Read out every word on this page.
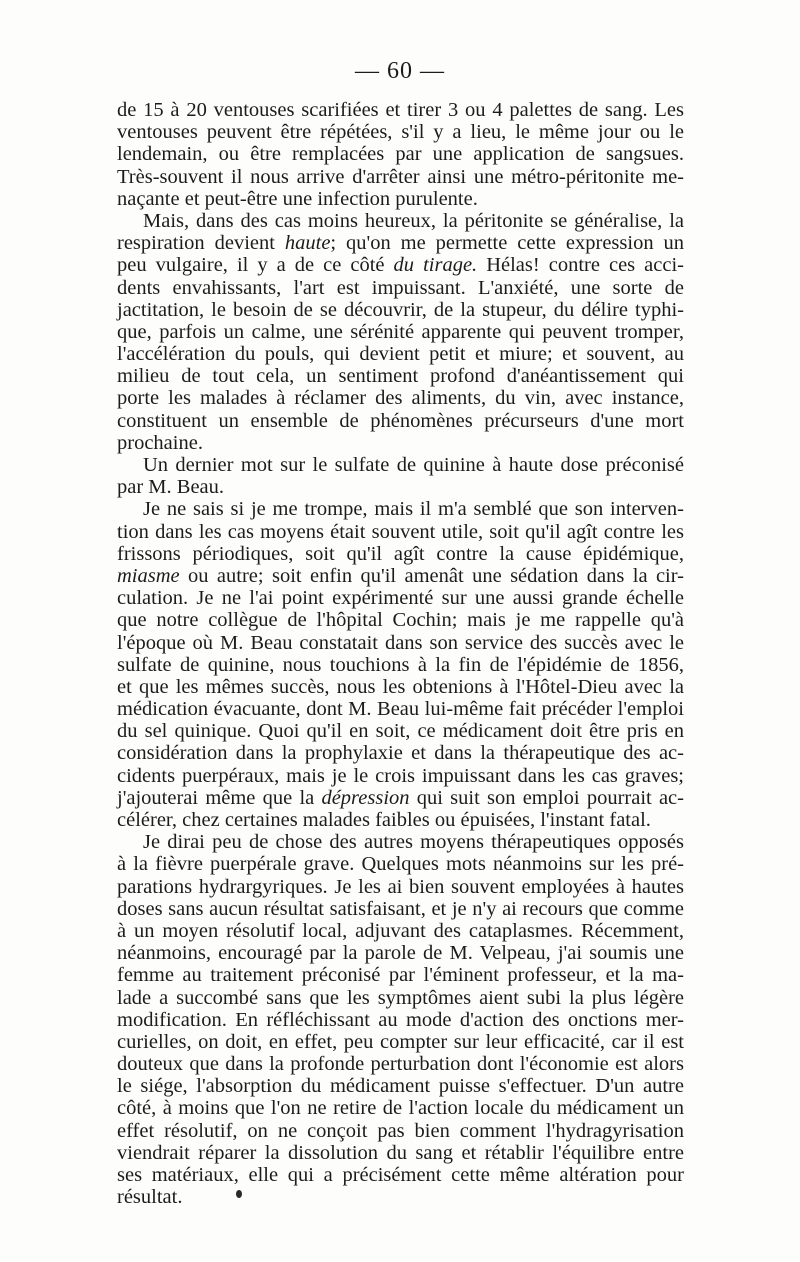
— 60 —
de 15 à 20 ventouses scarifiées et tirer 3 ou 4 palettes de sang. Les
ventouses peuvent être répétées, s'il y a lieu, le même jour ou le
lendemain, ou être remplacées par une application de sangsues.
Très-souvent il nous arrive d'arrêter ainsi une métro-péritonite me-
naçante et peut-être une infection purulente.
Mais, dans des cas moins heureux, la péritonite se généralise, la
respiration devient haute; qu'on me permette cette expression un
peu vulgaire, il y a de ce côté du tirage. Hélas! contre ces acci-
dents envahissants, l'art est impuissant. L'anxiété, une sorte de
jactitation, le besoin de se découvrir, de la stupeur, du délire typhi-
que, parfois un calme, une sérénité apparente qui peuvent tromper,
l'accélération du pouls, qui devient petit et miure; et souvent, au
milieu de tout cela, un sentiment profond d'anéantissement qui
porte les malades à réclamer des aliments, du vin, avec instance,
constituent un ensemble de phénomènes précurseurs d'une mort
prochaine.
Un dernier mot sur le sulfate de quinine à haute dose préconisé
par M. Beau.
Je ne sais si je me trompe, mais il m'a semblé que son interven-
tion dans les cas moyens était souvent utile, soit qu'il agît contre les
frissons périodiques, soit qu'il agît contre la cause épidémique,
miasme ou autre; soit enfin qu'il amenât une sédation dans la cir-
culation. Je ne l'ai point expérimenté sur une aussi grande échelle
que notre collègue de l'hôpital Cochin; mais je me rappelle qu'à
l'époque où M. Beau constatait dans son service des succès avec le
sulfate de quinine, nous touchions à la fin de l'épidémie de 1856,
et que les mêmes succès, nous les obtenions à l'Hôtel-Dieu avec la
médication évacuante, dont M. Beau lui-même fait précéder l'emploi
du sel quinique. Quoi qu'il en soit, ce médicament doit être pris en
considération dans la prophylaxie et dans la thérapeutique des ac-
cidents puerpéraux, mais je le crois impuissant dans les cas graves;
j'ajouterai même que la dépression qui suit son emploi pourrait ac-
célérer, chez certaines malades faibles ou épuisées, l'instant fatal.
Je dirai peu de chose des autres moyens thérapeutiques opposés
à la fièvre puerpérale grave. Quelques mots néanmoins sur les pré-
parations hydrargyriques. Je les ai bien souvent employées à hautes
doses sans aucun résultat satisfaisant, et je n'y ai recours que comme
à un moyen résolutif local, adjuvant des cataplasmes. Récemment,
néanmoins, encouragé par la parole de M. Velpeau, j'ai soumis une
femme au traitement préconisé par l'éminent professeur, et la ma-
lade a succombé sans que les symptômes aient subi la plus légère
modification. En réfléchissant au mode d'action des onctions mer-
curielles, on doit, en effet, peu compter sur leur efficacité, car il est
douteux que dans la profonde perturbation dont l'économie est alors
le siége, l'absorption du médicament puisse s'effectuer. D'un autre
côté, à moins que l'on ne retire de l'action locale du médicament un
effet résolutif, on ne conçoit pas bien comment l'hydragyrisation
viendrait réparer la dissolution du sang et rétablir l'équilibre entre
ses matériaux, elle qui a précisément cette même altération pour
résultat.
